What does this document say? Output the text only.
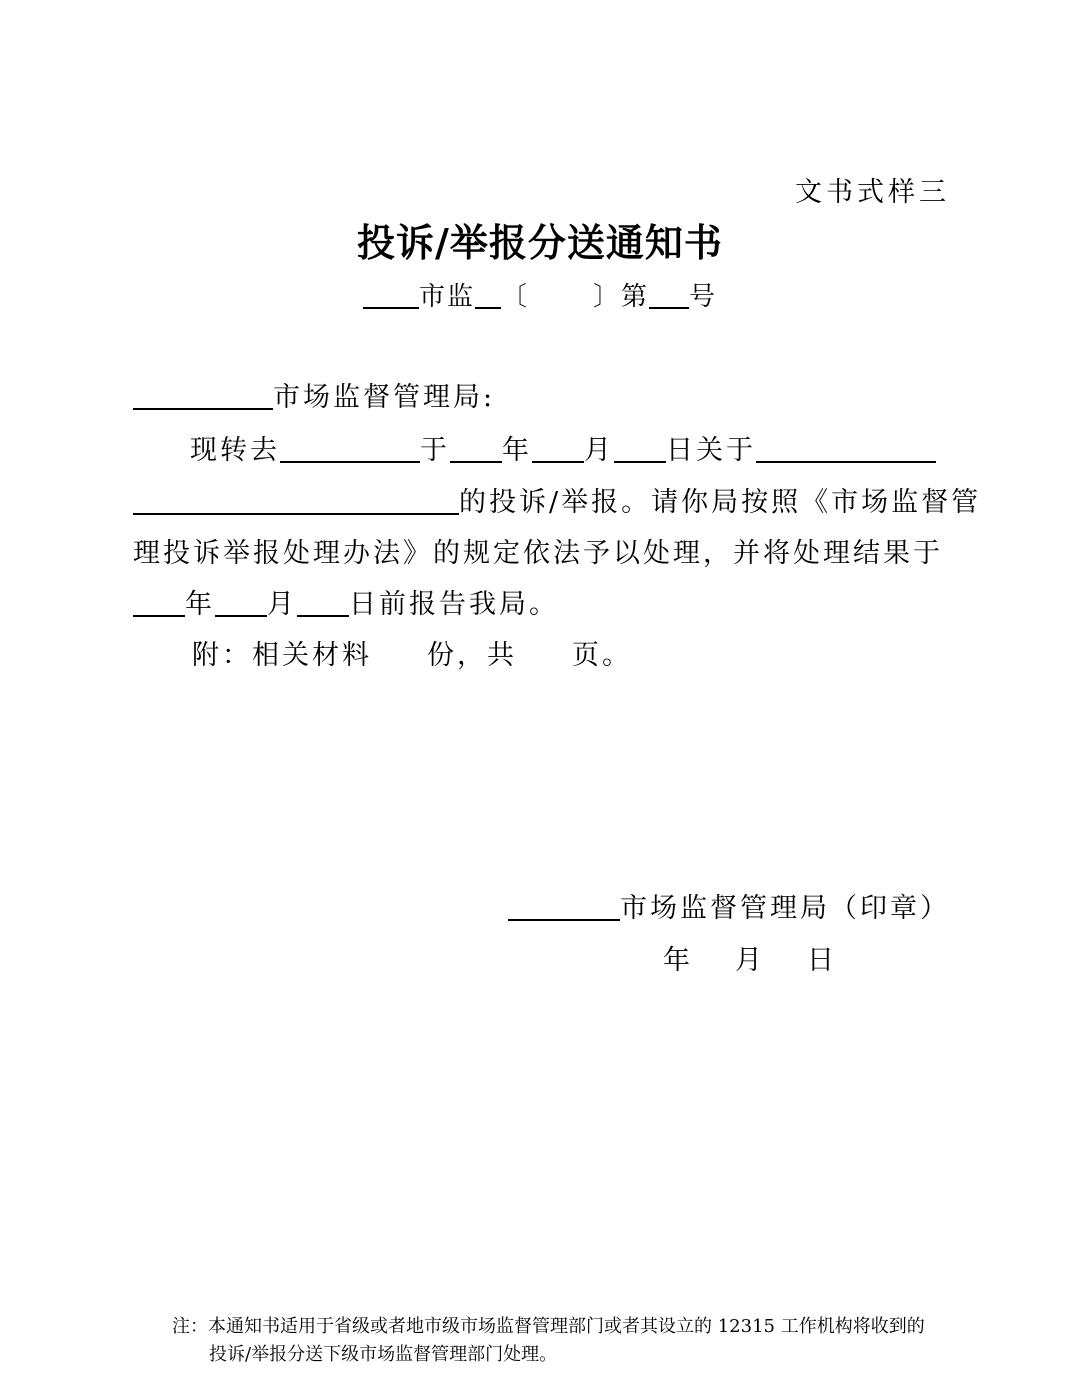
文书式样三
投诉/举报分送通知书
市监 〔 〕第 号
市场监督管理局:
现转去	于 年 月 日关于
的投诉/举报。请你局按照《市场监督管
理投诉举报处理办法》的规定依法予以处理，并将处理结果于
年 月 日前报告我局。
附：相关材料 份，共 页。
市场监督管理局（印章）
年 月 日
注：本通知书适用于省级或者地市级市场监督管理部门或者其设立的 12315 工作机构将收到的
投诉/举报分送下级市场监督管理部门处理。
